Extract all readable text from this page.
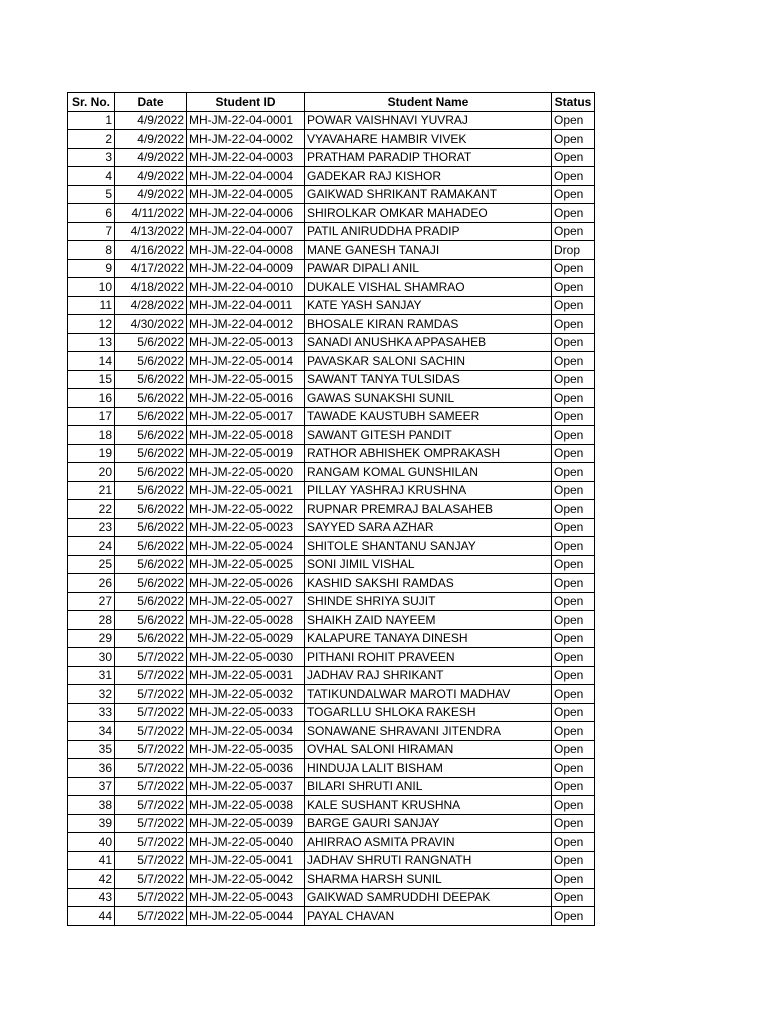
Sr. No.	Date	Student ID	Student Name	Status
1	4/9/2022	MH-JM-22-04-0001	POWAR VAISHNAVI YUVRAJ	Open
2	4/9/2022	MH-JM-22-04-0002	VYAVAHARE HAMBIR VIVEK	Open
3	4/9/2022	MH-JM-22-04-0003	PRATHAM PARADIP THORAT	Open
4	4/9/2022	MH-JM-22-04-0004	GADEKAR RAJ KISHOR	Open
5	4/9/2022	MH-JM-22-04-0005	GAIKWAD SHRIKANT RAMAKANT	Open
6	4/11/2022	MH-JM-22-04-0006	SHIROLKAR OMKAR MAHADEO	Open
7	4/13/2022	MH-JM-22-04-0007	PATIL ANIRUDDHA PRADIP	Open
8	4/16/2022	MH-JM-22-04-0008	MANE GANESH TANAJI	Drop
9	4/17/2022	MH-JM-22-04-0009	PAWAR DIPALI ANIL	Open
10	4/18/2022	MH-JM-22-04-0010	DUKALE VISHAL SHAMRAO	Open
11	4/28/2022	MH-JM-22-04-0011	KATE YASH SANJAY	Open
12	4/30/2022	MH-JM-22-04-0012	BHOSALE KIRAN RAMDAS	Open
13	5/6/2022	MH-JM-22-05-0013	SANADI ANUSHKA APPASAHEB	Open
14	5/6/2022	MH-JM-22-05-0014	PAVASKAR SALONI SACHIN	Open
15	5/6/2022	MH-JM-22-05-0015	SAWANT TANYA TULSIDAS	Open
16	5/6/2022	MH-JM-22-05-0016	GAWAS SUNAKSHI SUNIL	Open
17	5/6/2022	MH-JM-22-05-0017	TAWADE KAUSTUBH SAMEER	Open
18	5/6/2022	MH-JM-22-05-0018	SAWANT GITESH PANDIT	Open
19	5/6/2022	MH-JM-22-05-0019	RATHOR ABHISHEK OMPRAKASH	Open
20	5/6/2022	MH-JM-22-05-0020	RANGAM KOMAL GUNSHILAN	Open
21	5/6/2022	MH-JM-22-05-0021	PILLAY YASHRAJ KRUSHNA	Open
22	5/6/2022	MH-JM-22-05-0022	RUPNAR PREMRAJ BALASAHEB	Open
23	5/6/2022	MH-JM-22-05-0023	SAYYED SARA AZHAR	Open
24	5/6/2022	MH-JM-22-05-0024	SHITOLE SHANTANU SANJAY	Open
25	5/6/2022	MH-JM-22-05-0025	SONI JIMIL VISHAL	Open
26	5/6/2022	MH-JM-22-05-0026	KASHID SAKSHI RAMDAS	Open
27	5/6/2022	MH-JM-22-05-0027	SHINDE SHRIYA SUJIT	Open
28	5/6/2022	MH-JM-22-05-0028	SHAIKH ZAID NAYEEM	Open
29	5/6/2022	MH-JM-22-05-0029	KALAPURE TANAYA DINESH	Open
30	5/7/2022	MH-JM-22-05-0030	PITHANI ROHIT PRAVEEN	Open
31	5/7/2022	MH-JM-22-05-0031	JADHAV RAJ SHRIKANT	Open
32	5/7/2022	MH-JM-22-05-0032	TATIKUNDALWAR MAROTI MADHAV	Open
33	5/7/2022	MH-JM-22-05-0033	TOGARLLU SHLOKA RAKESH	Open
34	5/7/2022	MH-JM-22-05-0034	SONAWANE SHRAVANI JITENDRA	Open
35	5/7/2022	MH-JM-22-05-0035	OVHAL SALONI HIRAMAN	Open
36	5/7/2022	MH-JM-22-05-0036	HINDUJA LALIT BISHAM	Open
37	5/7/2022	MH-JM-22-05-0037	BILARI SHRUTI ANIL	Open
38	5/7/2022	MH-JM-22-05-0038	KALE SUSHANT KRUSHNA	Open
39	5/7/2022	MH-JM-22-05-0039	BARGE GAURI SANJAY	Open
40	5/7/2022	MH-JM-22-05-0040	AHIRRAO ASMITA PRAVIN	Open
41	5/7/2022	MH-JM-22-05-0041	JADHAV SHRUTI RANGNATH	Open
42	5/7/2022	MH-JM-22-05-0042	SHARMA HARSH SUNIL	Open
43	5/7/2022	MH-JM-22-05-0043	GAIKWAD SAMRUDDHI DEEPAK	Open
44	5/7/2022	MH-JM-22-05-0044	PAYAL CHAVAN	Open
